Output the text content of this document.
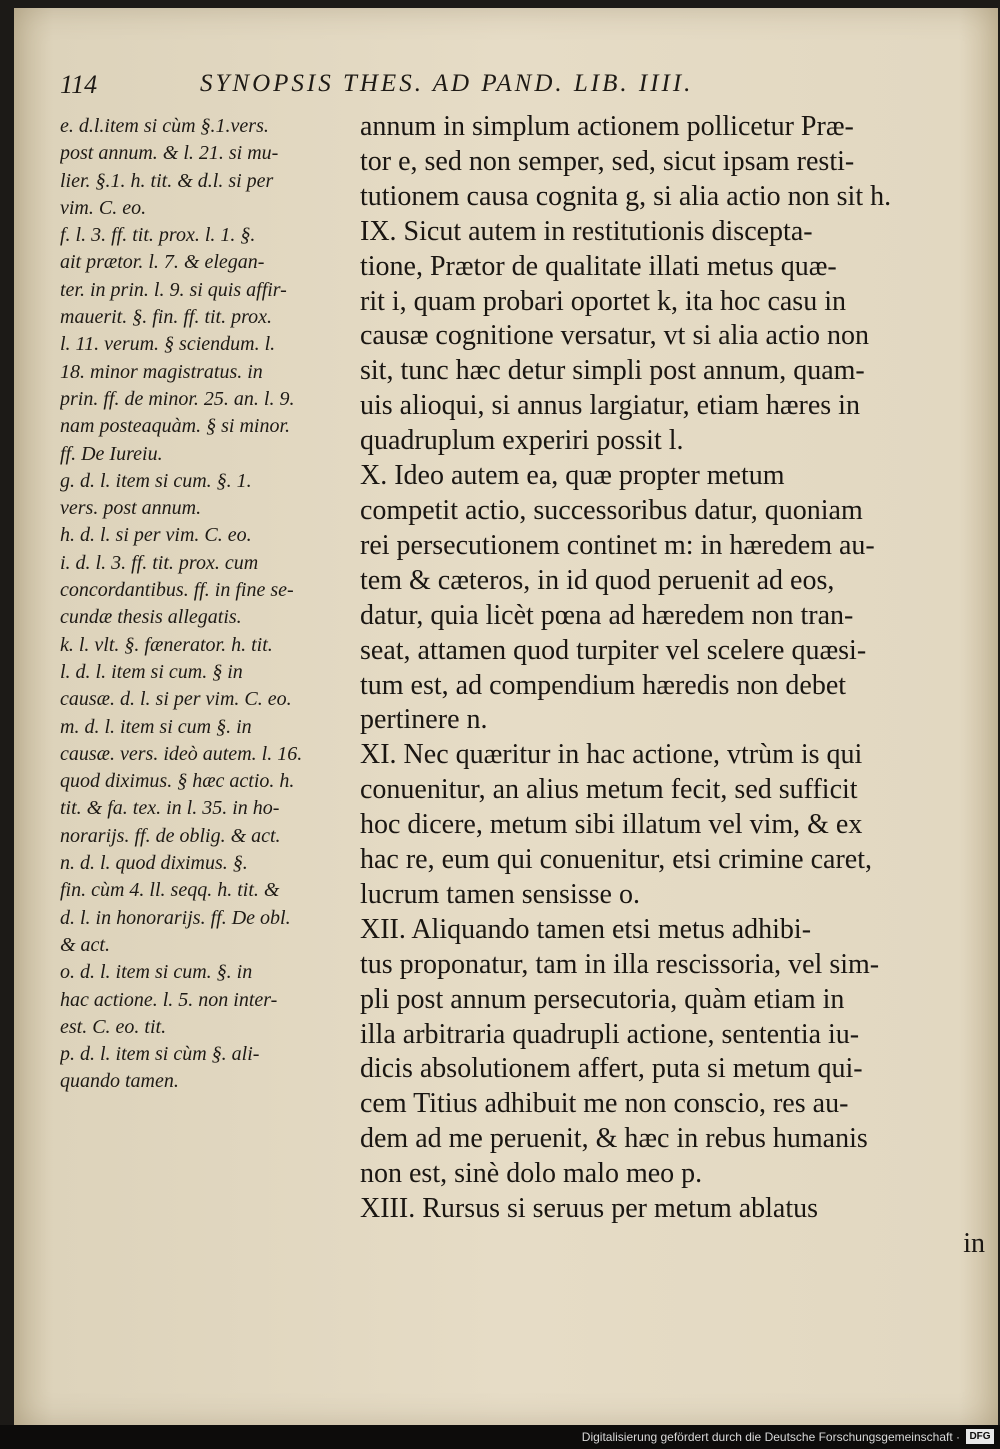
114	SYNOPSIS THES. AD PAND. LIB. IIII.
e. d.l.item si cùm §.1.vers.
post annum. & l. 21. si mu-
lier. §.1. h. tit. & d.l. si per
vim. C. eo.
f. l. 3. ff. tit. prox. l. 1. §.
ait prætor. l. 7. & elegan-
ter. in prin. l. 9. si quis affir-
mauerit. §. fin. ff. tit. prox.
l. 11. verum. § sciendum. l.
18. minor magistratus. in
prin. ff. de minor. 25. an. l. 9.
nam posteaquàm. § si minor.
ff. De Iureiu.
g. d. l. item si cum. §. 1.
vers. post annum.
h. d. l. si per vim. C. eo.
i. d. l. 3. ff. tit. prox. cum
concordantibus. ff. in fine se-
cundæ thesis allegatis.
k. l. vlt. §. fænerator. h. tit.
l. d. l. item si cum. § in
causæ. d. l. si per vim. C. eo.
m. d. l. item si cum §. in
causæ. vers. ideò autem. l. 16.
quod diximus. § hæc actio. h.
tit. & fa. tex. in l. 35. in ho-
norarijs. ff. de oblig. & act.
n. d. l. quod diximus. §.
fin. cùm 4. ll. seqq. h. tit. &
d. l. in honorarijs. ff. De obl.
& act.
o. d. l. item si cum. §. in
hac actione. l. 5. non inter-
est. C. eo. tit.
p. d. l. item si cùm §. ali-
quando tamen.
annum in simplum actionem pollicetur Præ-
tor e, sed non semper, sed, sicut ipsam resti-
tutionem causa cognita g, si alia actio non sit h.
IX. Sicut autem in restitutionis discepta-
tione, Prætor de qualitate illati metus quæ-
rit i, quam probari oportet k, ita hoc casu in
causæ cognitione versatur, vt si alia actio non
sit, tunc hæc detur simpli post annum, quam-
uis alioqui, si annus largiatur, etiam hæres in
quadruplum experiri possit l.
X. Ideo autem ea, quæ propter metum
competit actio, successoribus datur, quoniam
rei persecutionem continet m: in hæredem au-
tem & cæteros, in id quod peruenit ad eos,
datur, quia licèt pœna ad hæredem non tran-
seat, attamen quod turpiter vel scelere quæsi-
tum est, ad compendium hæredis non debet
pertinere n.
XI. Nec quæritur in hac actione, vtrùm is qui
conuenitur, an alius metum fecit, sed sufficit
hoc dicere, metum sibi illatum vel vim, & ex
hac re, eum qui conuenitur, etsi crimine caret,
lucrum tamen sensisse o.
XII. Aliquando tamen etsi metus adhibi-
tus proponatur, tam in illa rescissoria, vel sim-
pli post annum persecutoria, quàm etiam in
illa arbitraria quadrupli actione, sententia iu-
dicis absolutionem affert, puta si metum qui-
cem Titius adhibuit me non conscio, res au-
dem ad me peruenit, & hæc in rebus humanis
non est, sinè dolo malo meo p.
XIII. Rursus si seruus per metum ablatus
in
Digitalisierung gefördert durch die Deutsche Forschungsgemeinschaft · DFG
